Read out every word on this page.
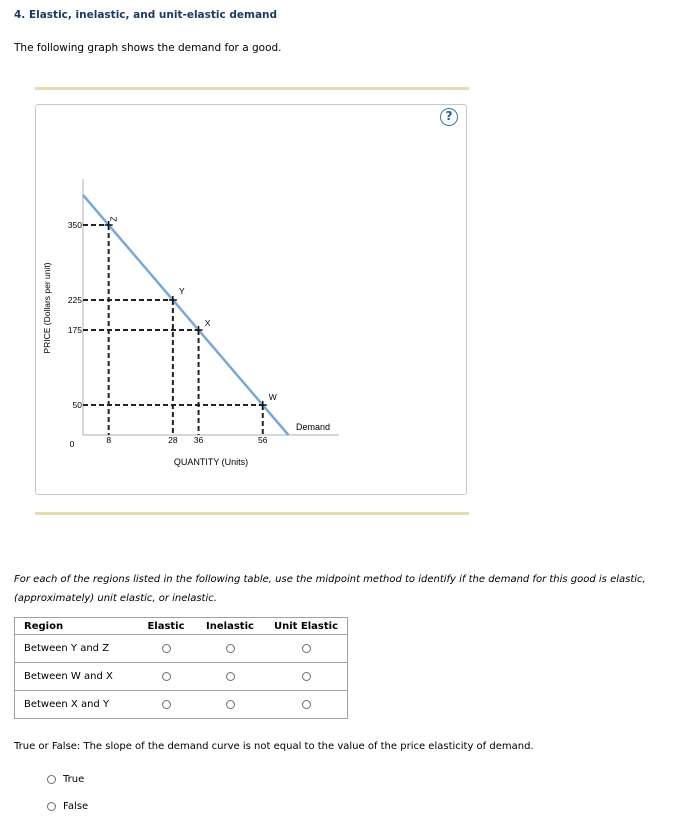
4. Elastic, inelastic, and unit-elastic demand
The following graph shows the demand for a good.
?
Z
Y
X
W
50
175
225
350
8	28 36	56
0
QUANTITY (Units)
PRICE (Dollars per unit)
Demand
For each of the regions listed in the following table, use the midpoint method to identify if the demand for this good is elastic, (approximately) unit elastic, or inelastic.
Region	Elastic	Inelastic	Unit Elastic
Between Y and Z			
Between W and X			
Between X and Y			
True or False: The slope of the demand curve is not equal to the value of the price elasticity of demand.
True
False
